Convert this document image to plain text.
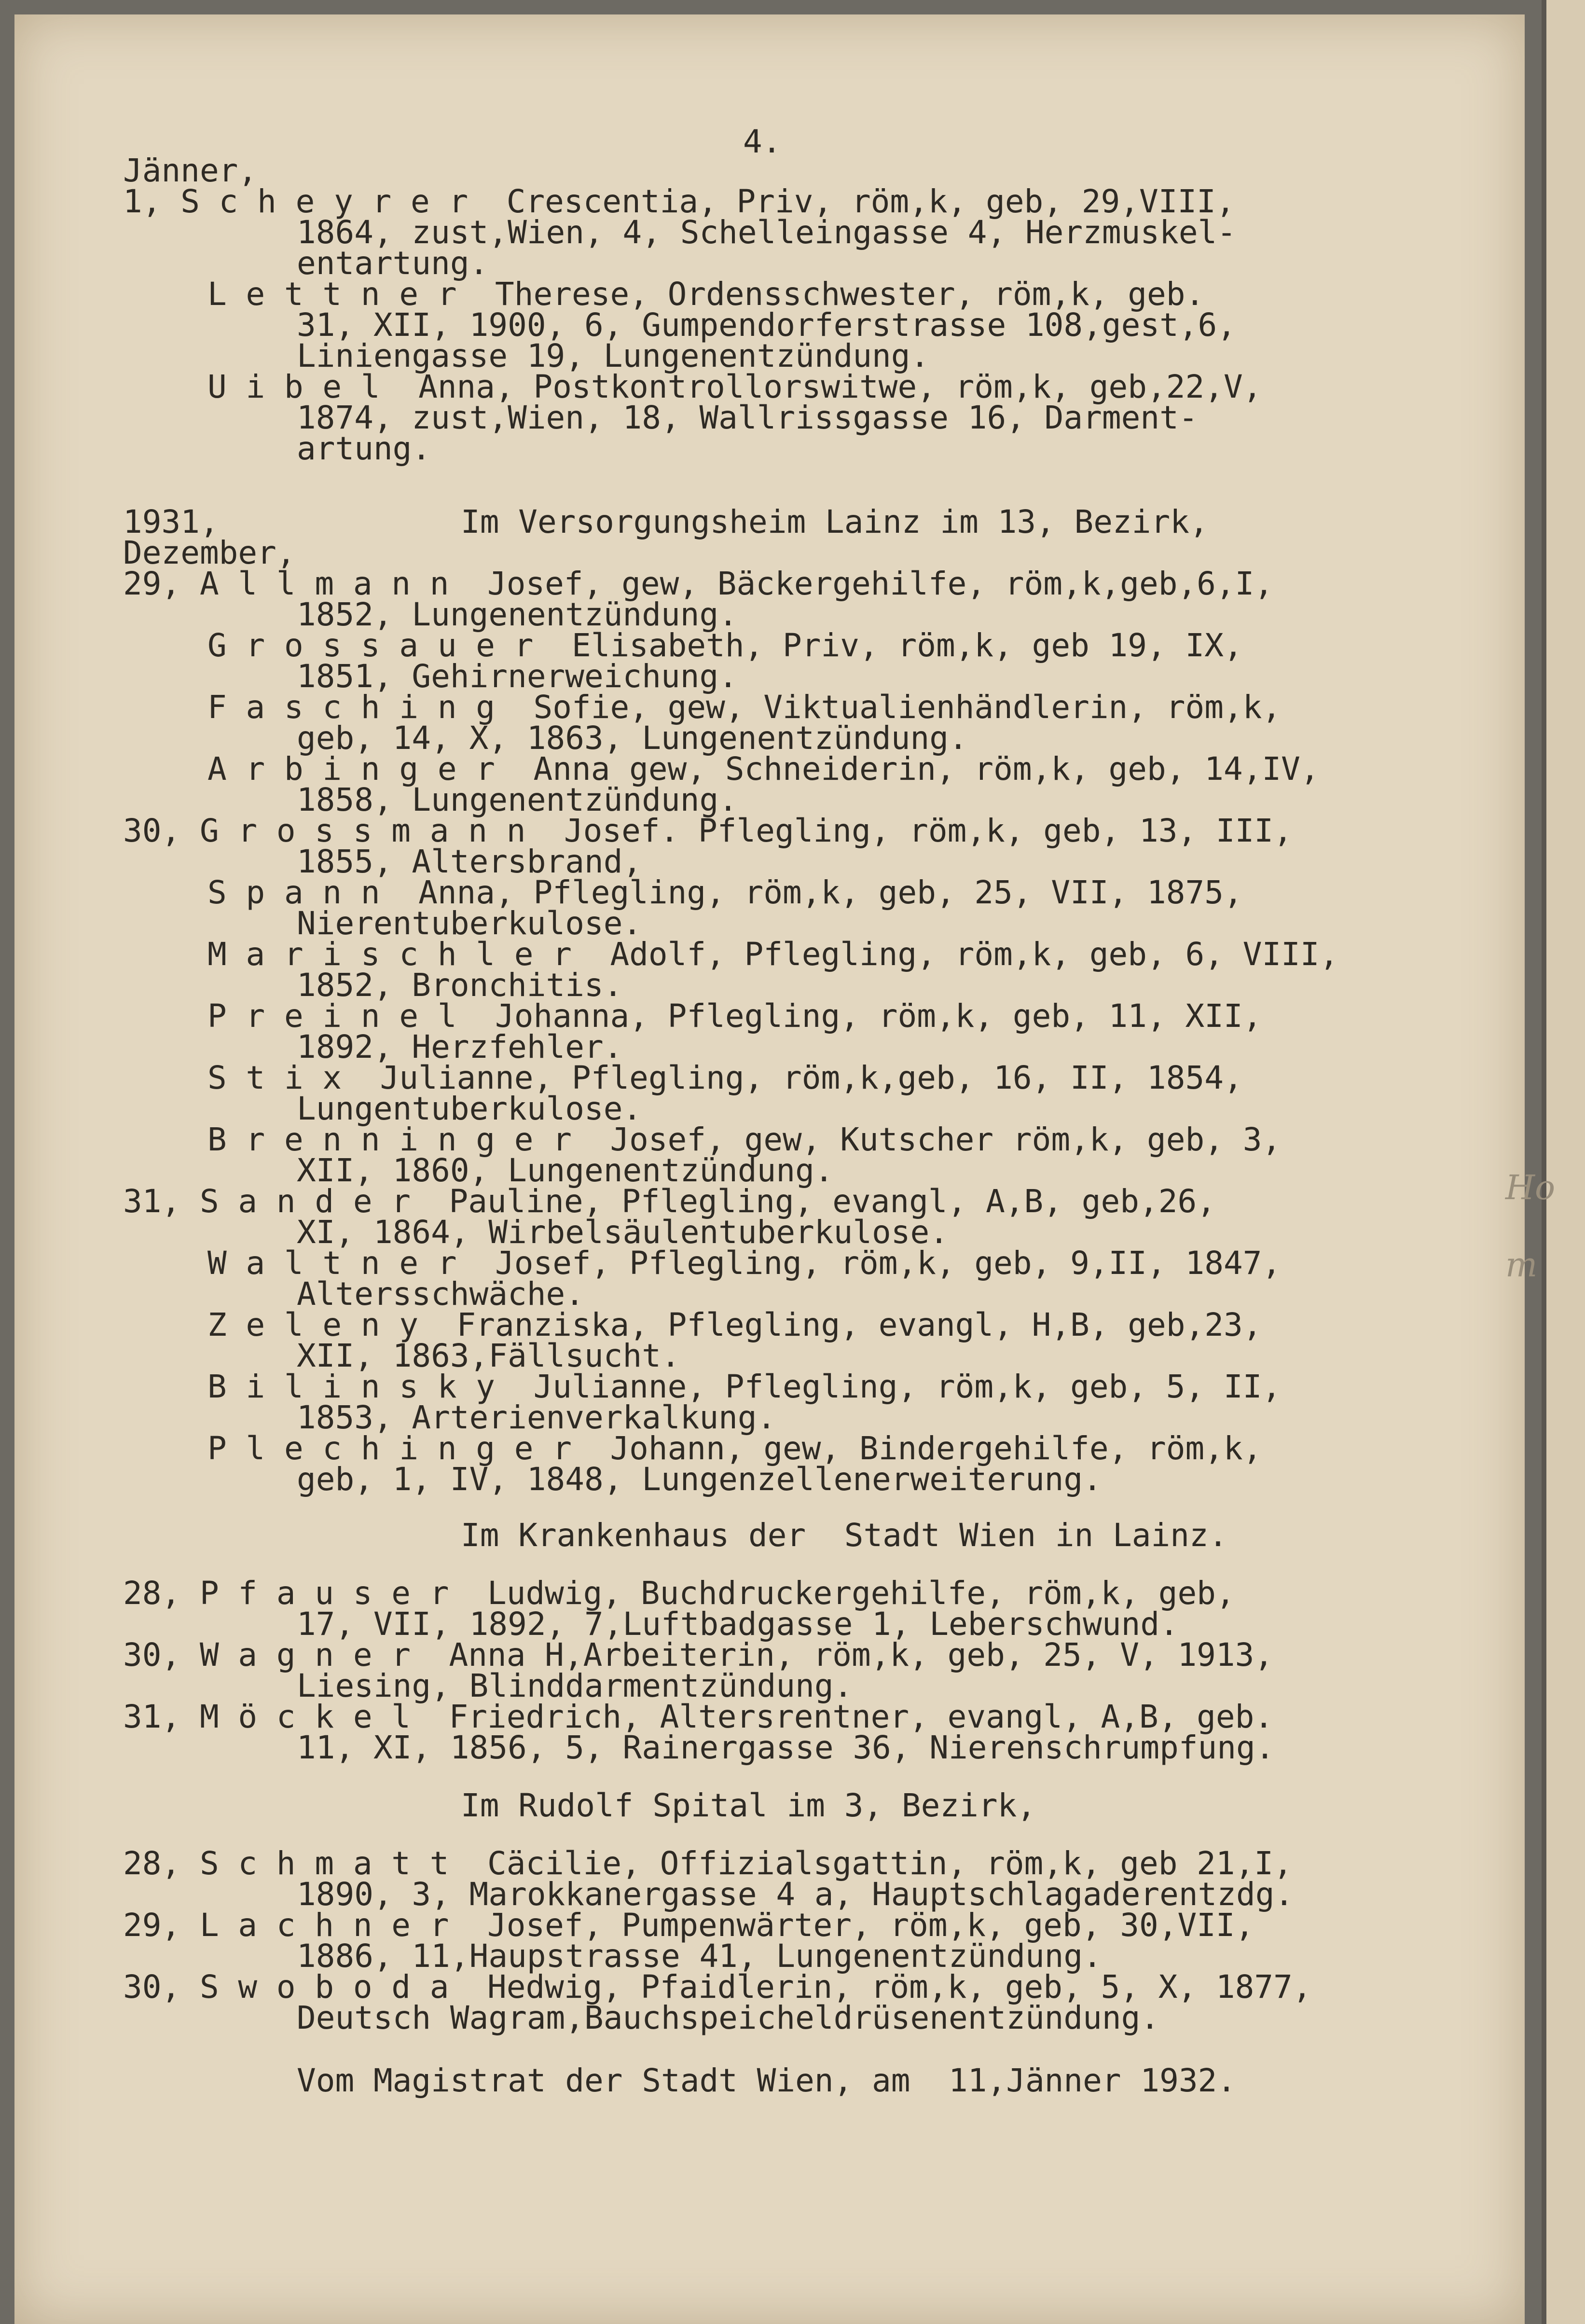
Ho
m
4.
Jänner,
1, S c h e y r e r  Crescentia, Priv, röm,k, geb, 29,VIII,
1864, zust,Wien, 4, Schelleingasse 4, Herzmuskel-
entartung.
L e t t n e r  Therese, Ordensschwester, röm,k, geb.
31, XII, 1900, 6, Gumpendorferstrasse 108,gest,6,
Liniengasse 19, Lungenentzündung.
U i b e l  Anna, Postkontrollorswitwe, röm,k, geb,22,V,
1874, zust,Wien, 18, Wallrissgasse 16, Darment-
artung.
1931,	Im Versorgungsheim Lainz im 13, Bezirk,
Dezember,
29, A l l m a n n  Josef, gew, Bäckergehilfe, röm,k,geb,6,I,
1852, Lungenentzündung.
G r o s s a u e r  Elisabeth, Priv, röm,k, geb 19, IX,
1851, Gehirnerweichung.
F a s c h i n g  Sofie, gew, Viktualienhändlerin, röm,k,
geb, 14, X, 1863, Lungenentzündung.
A r b i n g e r  Anna gew, Schneiderin, röm,k, geb, 14,IV,
1858, Lungenentzündung.
30, G r o s s m a n n  Josef. Pflegling, röm,k, geb, 13, III,
1855, Altersbrand,
S p a n n  Anna, Pflegling, röm,k, geb, 25, VII, 1875,
Nierentuberkulose.
M a r i s c h l e r  Adolf, Pflegling, röm,k, geb, 6, VIII,
1852, Bronchitis.
P r e i n e l  Johanna, Pflegling, röm,k, geb, 11, XII,
1892, Herzfehler.
S t i x  Julianne, Pflegling, röm,k,geb, 16, II, 1854,
Lungentuberkulose.
B r e n n i n g e r  Josef, gew, Kutscher röm,k, geb, 3,
XII, 1860, Lungenentzündung.
31, S a n d e r  Pauline, Pflegling, evangl, A,B, geb,26,
XI, 1864, Wirbelsäulentuberkulose.
W a l t n e r  Josef, Pflegling, röm,k, geb, 9,II, 1847,
Altersschwäche.
Z e l e n y  Franziska, Pflegling, evangl, H,B, geb,23,
XII, 1863,Fällsucht.
B i l i n s k y  Julianne, Pflegling, röm,k, geb, 5, II,
1853, Arterienverkalkung.
P l e c h i n g e r  Johann, gew, Bindergehilfe, röm,k,
geb, 1, IV, 1848, Lungenzellenerweiterung.
Im Krankenhaus der  Stadt Wien in Lainz.
28, P f a u s e r  Ludwig, Buchdruckergehilfe, röm,k, geb,
17, VII, 1892, 7,Luftbadgasse 1, Leberschwund.
30, W a g n e r  Anna H,Arbeiterin, röm,k, geb, 25, V, 1913,
Liesing, Blinddarmentzündung.
31, M ö c k e l  Friedrich, Altersrentner, evangl, A,B, geb.
11, XI, 1856, 5, Rainergasse 36, Nierenschrumpfung.
Im Rudolf Spital im 3, Bezirk,
28, S c h m a t t  Cäcilie, Offizialsgattin, röm,k, geb 21,I,
1890, 3, Marokkanergasse 4 a, Hauptschlagaderentzdg.
29, L a c h n e r  Josef, Pumpenwärter, röm,k, geb, 30,VII,
1886, 11,Haupstrasse 41, Lungenentzündung.
30, S w o b o d a  Hedwig, Pfaidlerin, röm,k, geb, 5, X, 1877,
Deutsch Wagram,Bauchspeicheldrüsenentzündung.
Vom Magistrat der Stadt Wien, am  11,Jänner 1932.
